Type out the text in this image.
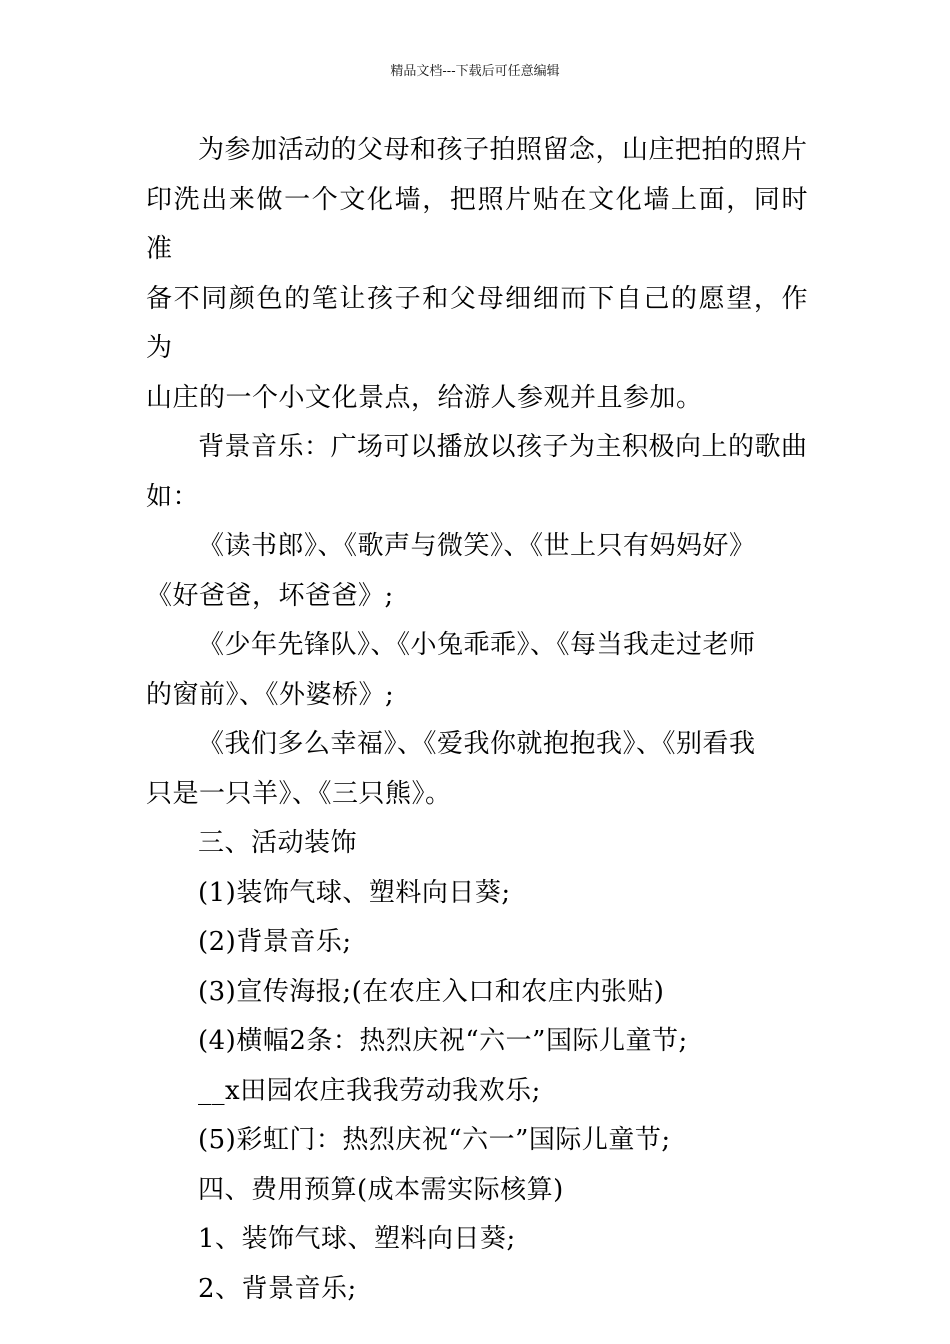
精品文档---下载后可任意编辑

为参加活动的父母和孩子拍照留念，山庄把拍的照片
印洗出来做一个文化墙，把照片贴在文化墙上面，同时准
备不同颜色的笔让孩子和父母细细而下自己的愿望，作为
山庄的一个小文化景点，给游人参观并且参加。

背景音乐：广场可以播放以孩子为主积极向上的歌曲
如：

《读书郎》、《歌声与微笑》、《世上只有妈妈好》
《好爸爸，坏爸爸》;

《少年先锋队》、《小兔乖乖》、《每当我走过老师
的窗前》、《外婆桥》;

《我们多么幸福》、《爱我你就抱抱我》、《别看我
只是一只羊》、《三只熊》。

三、活动装饰

(1)装饰气球、塑料向日葵;

(2)背景音乐;

(3)宣传海报;(在农庄入口和农庄内张贴)

(4)横幅2条：热烈庆祝“六一”国际儿童节;

__x田园农庄我我劳动我欢乐;

(5)彩虹门：热烈庆祝“六一”国际儿童节;

四、费用预算(成本需实际核算)

1、装饰气球、塑料向日葵;

2、背景音乐;
